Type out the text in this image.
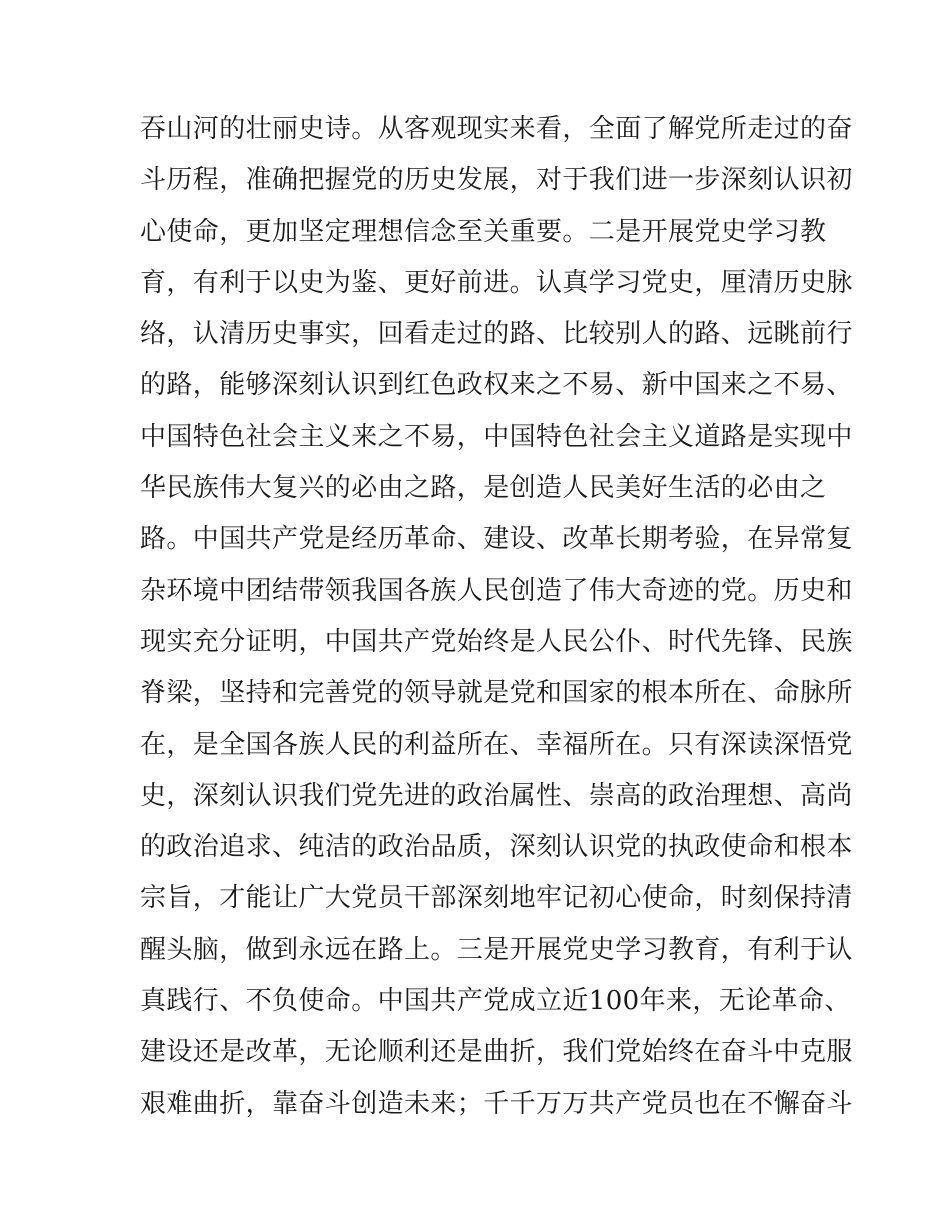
吞山河的壮丽史诗。从客观现实来看，全面了解党所走过的奋
斗历程，准确把握党的历史发展，对于我们进一步深刻认识初
心使命，更加坚定理想信念至关重要。二是开展党史学习教
育，有利于以史为鉴、更好前进。认真学习党史，厘清历史脉
络，认清历史事实，回看走过的路、比较别人的路、远眺前行
的路，能够深刻认识到红色政权来之不易、新中国来之不易、
中国特色社会主义来之不易，中国特色社会主义道路是实现中
华民族伟大复兴的必由之路，是创造人民美好生活的必由之
路。中国共产党是经历革命、建设、改革长期考验，在异常复
杂环境中团结带领我国各族人民创造了伟大奇迹的党。历史和
现实充分证明，中国共产党始终是人民公仆、时代先锋、民族
脊梁，坚持和完善党的领导就是党和国家的根本所在、命脉所
在，是全国各族人民的利益所在、幸福所在。只有深读深悟党
史，深刻认识我们党先进的政治属性、崇高的政治理想、高尚
的政治追求、纯洁的政治品质，深刻认识党的执政使命和根本
宗旨，才能让广大党员干部深刻地牢记初心使命，时刻保持清
醒头脑，做到永远在路上。三是开展党史学习教育，有利于认
真践行、不负使命。中国共产党成立近100年来，无论革命、
建设还是改革，无论顺利还是曲折，我们党始终在奋斗中克服
艰难曲折，靠奋斗创造未来；千千万万共产党员也在不懈奋斗
